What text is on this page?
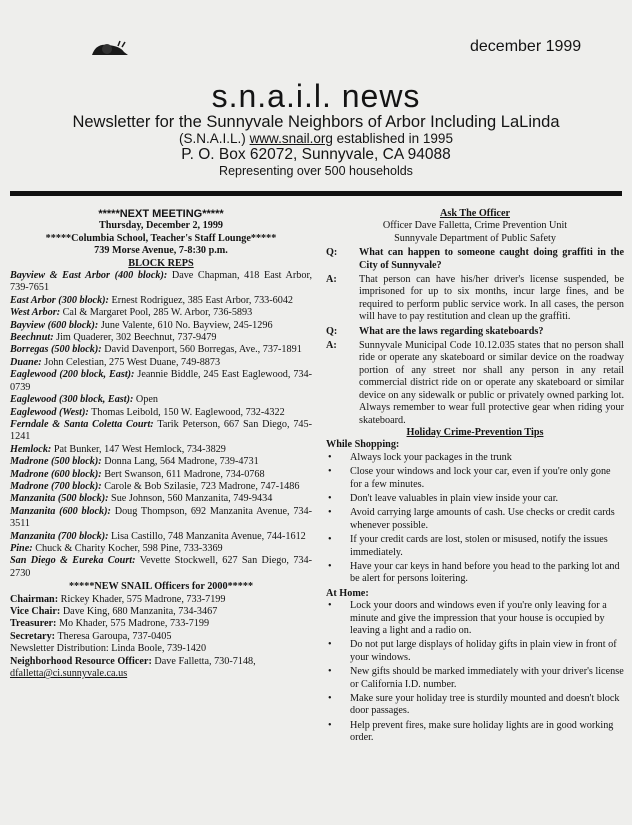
december 1999
s.n.a.i.l. news
Newsletter for the Sunnyvale Neighbors of Arbor Including LaLinda
(S.N.A.I.L.) www.snail.org established in 1995
P. O. Box 62072, Sunnyvale, CA 94088
Representing over 500 households
*****NEXT MEETING*****
Thursday, December 2, 1999
*****Columbia School, Teacher's Staff Lounge*****
739 Morse Avenue, 7-8:30 p.m.
BLOCK REPS
Bayview & East Arbor (400 block): Dave Chapman, 418 East Arbor, 739-7651
East Arbor (300 block): Ernest Rodriguez, 385 East Arbor, 733-6042
West Arbor: Cal & Margaret Pool, 285 W. Arbor, 736-5893
Bayview (600 block): June Valente, 610 No. Bayview, 245-1296
Beechnut: Jim Quaderer, 302 Beechnut, 737-9479
Borregas (500 block): David Davenport, 560 Borregas, Ave., 737-1891
Duane: John Celestian, 275 West Duane, 749-8873
Eaglewood (200 block, East): Jeannie Biddle, 245 East Eaglewood, 734-0739
Eaglewood (300 block, East): Open
Eaglewood (West): Thomas Leibold, 150 W. Eaglewood, 732-4322
Ferndale & Santa Coletta Court: Tarik Peterson, 667 San Diego, 745-1241
Hemlock: Pat Bunker, 147 West Hemlock, 734-3829
Madrone (500 block): Donna Lang, 564 Madrone, 739-4731
Madrone (600 block): Bert Swanson, 611 Madrone, 734-0768
Madrone (700 block): Carole & Bob Szilasie, 723 Madrone, 747-1486
Manzanita (500 block): Sue Johnson, 560 Manzanita, 749-9434
Manzanita (600 block): Doug Thompson, 692 Manzanita Avenue, 734-3511
Manzanita (700 block): Lisa Castillo, 748 Manzanita Avenue, 744-1612
Pine: Chuck & Charity Kocher, 598 Pine, 733-3369
San Diego & Eureka Court: Vevette Stockwell, 627 San Diego, 734-2730
*****NEW SNAIL Officers for 2000*****
Chairman: Rickey Khader, 575 Madrone, 733-7199
Vice Chair: Dave King, 680 Manzanita, 734-3467
Treasurer: Mo Khader, 575 Madrone, 733-7199
Secretary: Theresa Garoupa, 737-0405
Newsletter Distribution: Linda Boole, 739-1420
Neighborhood Resource Officer: Dave Falletta, 730-7148,
dfalletta@ci.sunnyvale.ca.us
Ask The Officer
Officer Dave Falletta, Crime Prevention Unit
Sunnyvale Department of Public Safety
Q:	What can happen to someone caught doing graffiti in the City of Sunnyvale?
A:	That person can have his/her driver's license suspended, be imprisoned for up to six months, incur large fines, and be required to perform public service work. In all cases, the person will have to pay restitution and clean up the graffiti.
Q:	What are the laws regarding skateboards?
A:	Sunnyvale Municipal Code 10.12.035 states that no person shall ride or operate any skateboard or similar device on the roadway portion of any street nor shall any person in any retail commercial district ride on or operate any skateboard or similar device on any sidewalk or public or privately owned parking lot. Always remember to wear full protective gear when riding your skateboard.
Holiday Crime-Prevention Tips
While Shopping:
•	Always lock your packages in the trunk
•	Close your windows and lock your car, even if you're only gone for a few minutes.
•	Don't leave valuables in plain view inside your car.
•	Avoid carrying large amounts of cash. Use checks or credit cards whenever possible.
•	If your credit cards are lost, stolen or misused, notify the issues immediately.
•	Have your car keys in hand before you head to the parking lot and be alert for persons loitering.
At Home:
•	Lock your doors and windows even if you're only leaving for a minute and give the impression that your house is occupied by leaving a light and a radio on.
•	Do not put large displays of holiday gifts in plain view in front of your windows.
•	New gifts should be marked immediately with your driver's license or California I.D. number.
•	Make sure your holiday tree is sturdily mounted and doesn't block door passages.
•	Help prevent fires, make sure holiday lights are in good working order.
